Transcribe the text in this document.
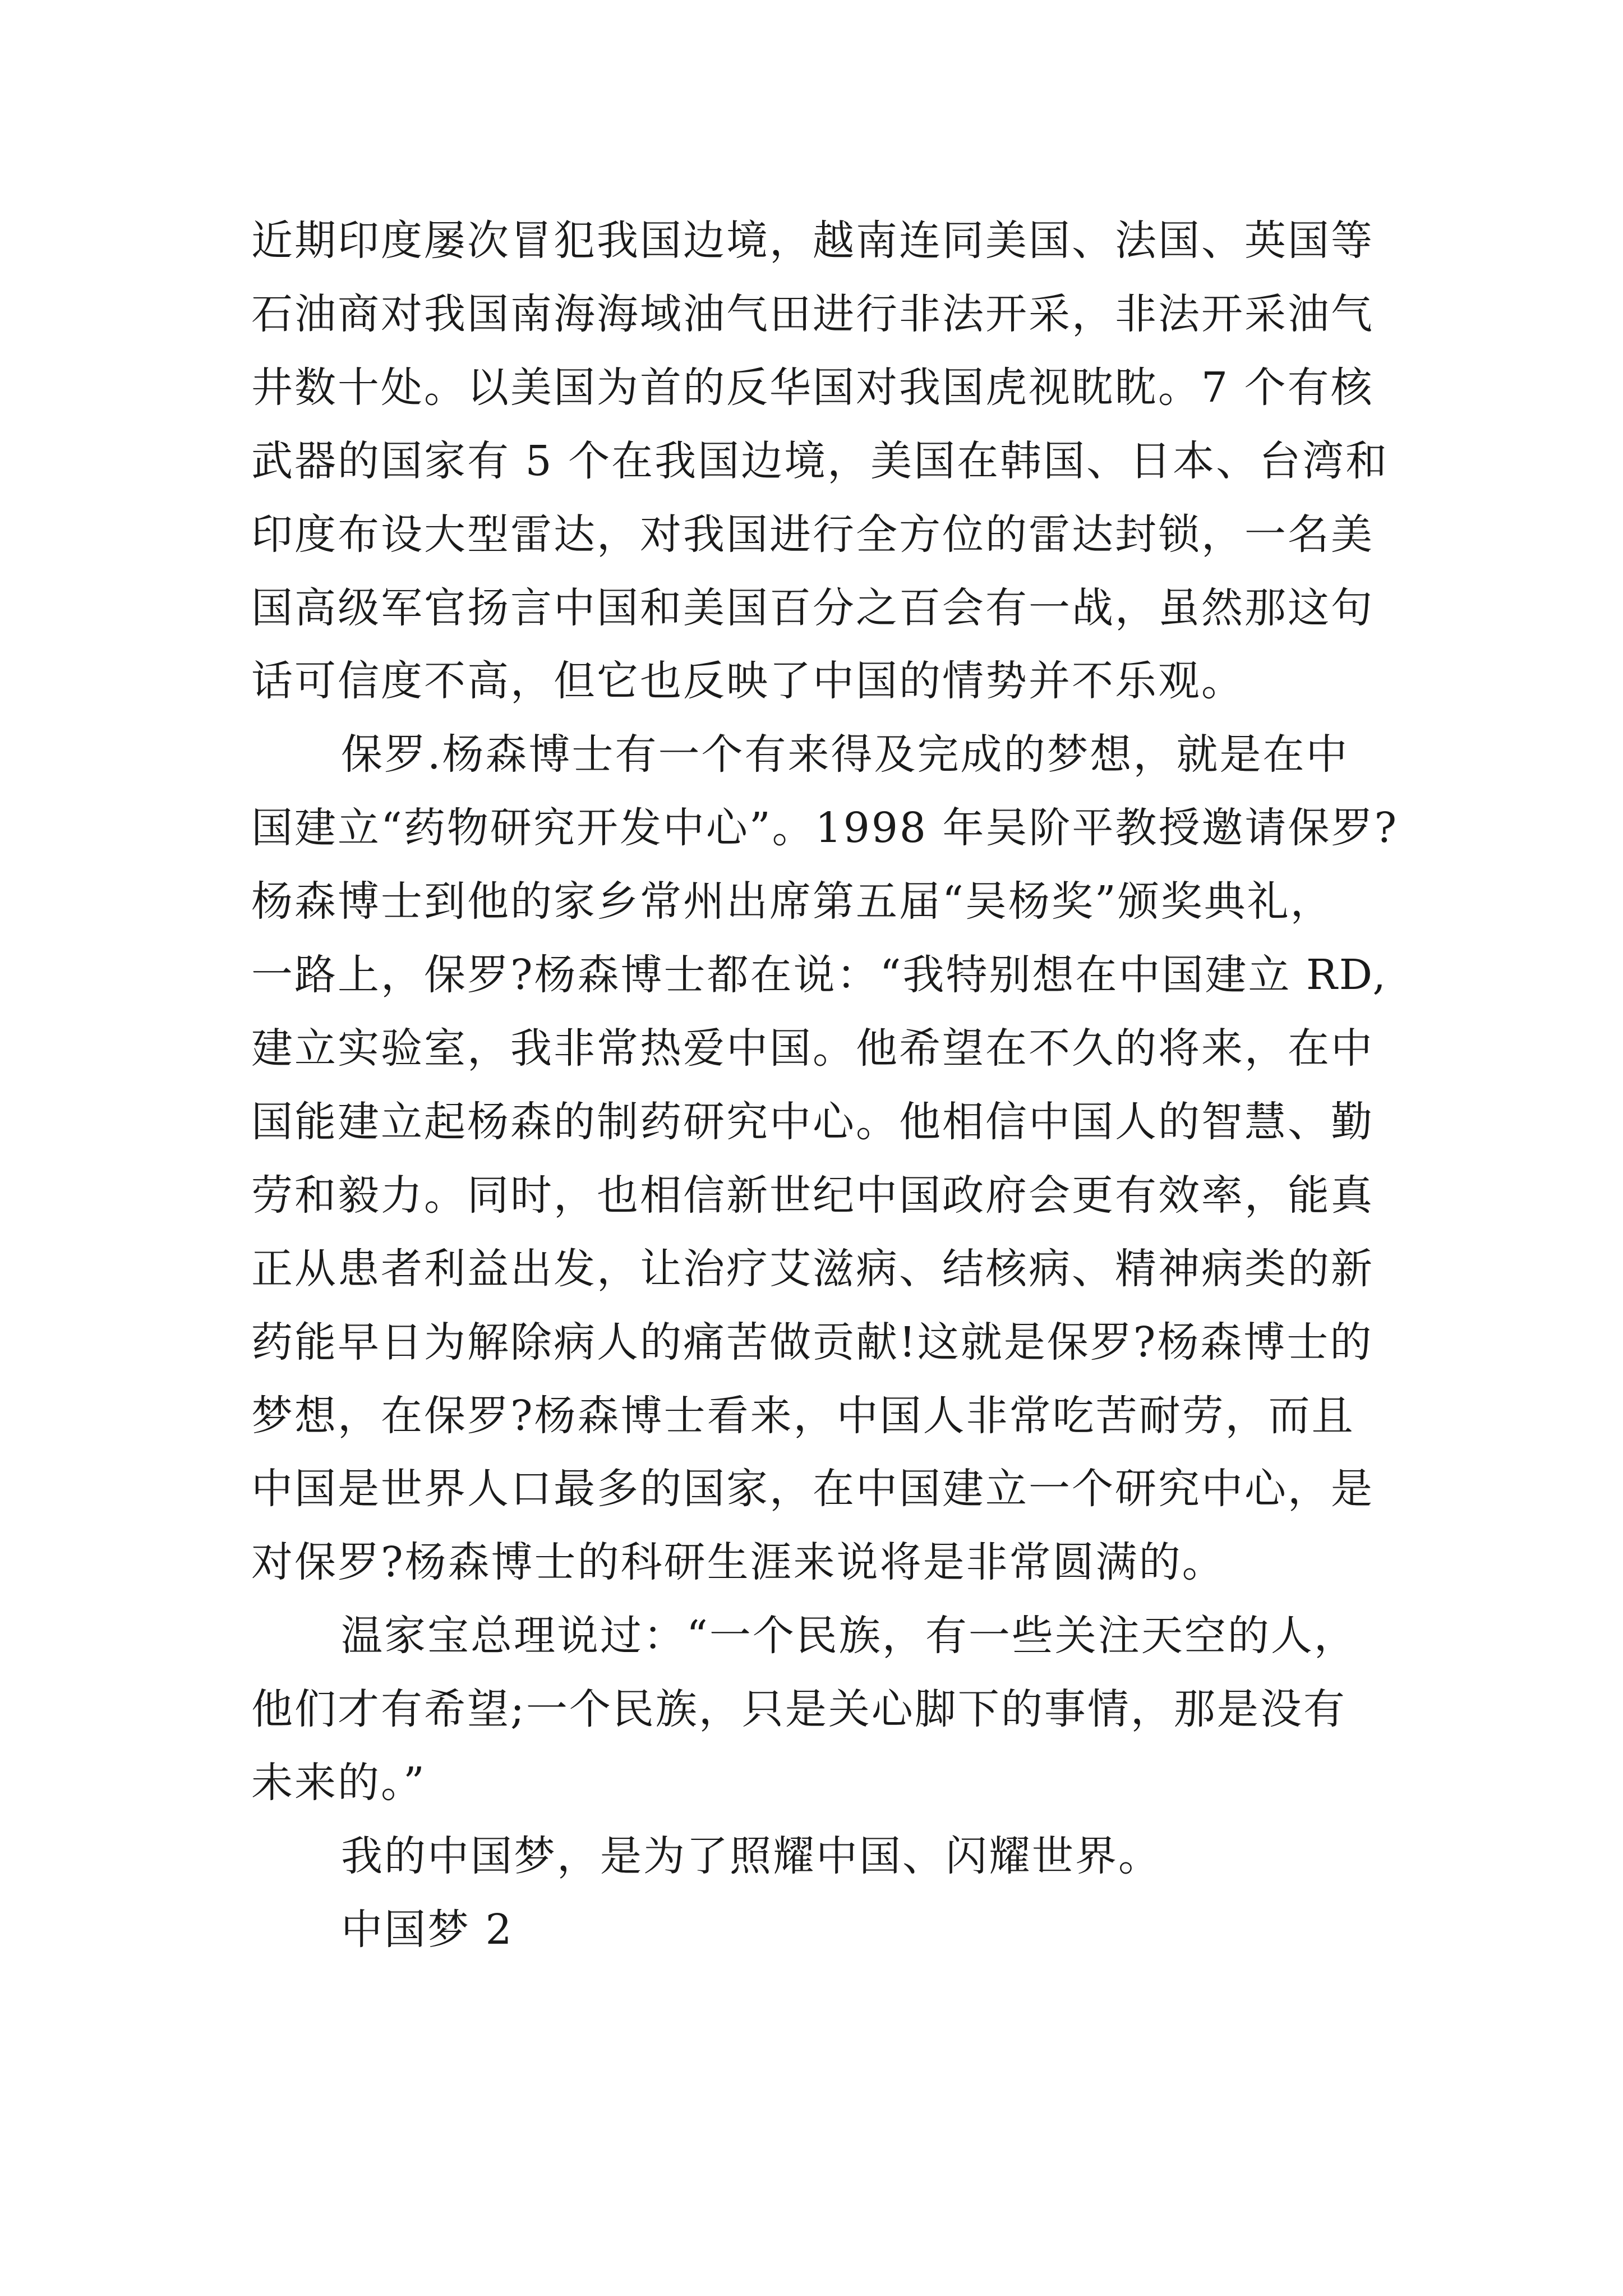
近期印度屡次冒犯我国边境，越南连同美国、法国、英国等
石油商对我国南海海域油气田进行非法开采，非法开采油气
井数十处。以美国为首的反华国对我国虎视眈眈。7 个有核
武器的国家有 5 个在我国边境，美国在韩国、日本、台湾和
印度布设大型雷达，对我国进行全方位的雷达封锁，一名美
国高级军官扬言中国和美国百分之百会有一战，虽然那这句
话可信度不高，但它也反映了中国的情势并不乐观。

保罗.杨森博士有一个有来得及完成的梦想，就是在中
国建立“药物研究开发中心”。1998 年吴阶平教授邀请保罗?
杨森博士到他的家乡常州出席第五届“吴杨奖”颁奖典礼，
一路上，保罗?杨森博士都在说：“我特别想在中国建立 RD,
建立实验室，我非常热爱中国。他希望在不久的将来，在中
国能建立起杨森的制药研究中心。他相信中国人的智慧、勤
劳和毅力。同时，也相信新世纪中国政府会更有效率，能真
正从患者利益出发，让治疗艾滋病、结核病、精神病类的新
药能早日为解除病人的痛苦做贡献!这就是保罗?杨森博士的
梦想，在保罗?杨森博士看来，中国人非常吃苦耐劳，而且
中国是世界人口最多的国家，在中国建立一个研究中心，是
对保罗?杨森博士的科研生涯来说将是非常圆满的。

温家宝总理说过：“一个民族，有一些关注天空的人，
他们才有希望;一个民族，只是关心脚下的事情，那是没有
未来的。”

我的中国梦，是为了照耀中国、闪耀世界。

中国梦 2
